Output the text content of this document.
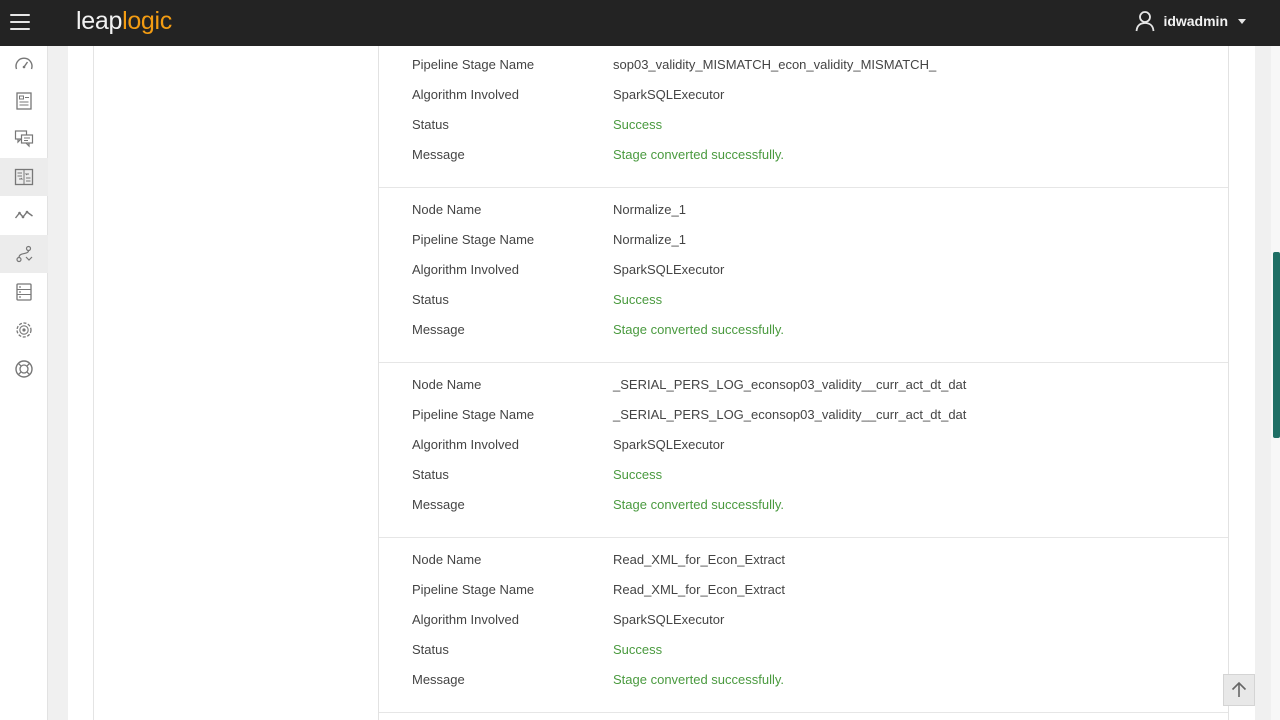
leaplogic	idwadmin
Pipeline Stage Name	sop03_validity_MISMATCH_econ_validity_MISMATCH_
Algorithm Involved	SparkSQLExecutor
Status	Success
Message	Stage converted successfully.
Node Name	Normalize_1
Pipeline Stage Name	Normalize_1
Algorithm Involved	SparkSQLExecutor
Status	Success
Message	Stage converted successfully.
Node Name	_SERIAL_PERS_LOG_econsop03_validity__curr_act_dt_dat
Pipeline Stage Name	_SERIAL_PERS_LOG_econsop03_validity__curr_act_dt_dat
Algorithm Involved	SparkSQLExecutor
Status	Success
Message	Stage converted successfully.
Node Name	Read_XML_for_Econ_Extract
Pipeline Stage Name	Read_XML_for_Econ_Extract
Algorithm Involved	SparkSQLExecutor
Status	Success
Message	Stage converted successfully.
